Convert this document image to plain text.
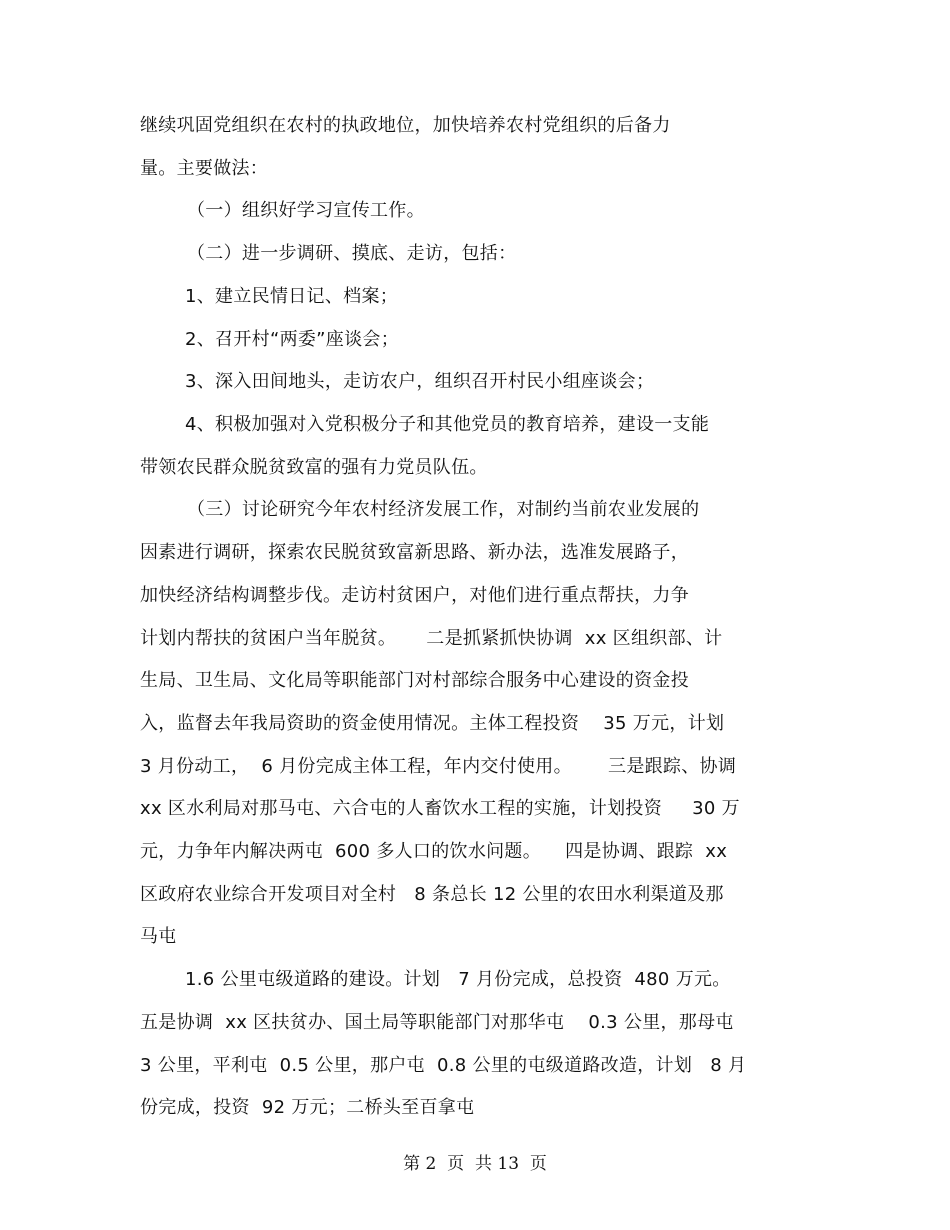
继续巩固党组织在农村的执政地位，加快培养农村党组织的后备力
量。主要做法：
（一）组织好学习宣传工作。
（二）进一步调研、摸底、走访，包括：
1、建立民情日记、档案；
2、召开村“两委”座谈会；
3、深入田间地头，走访农户，组织召开村民小组座谈会；
4、积极加强对入党积极分子和其他党员的教育培养，建设一支能
带领农民群众脱贫致富的强有力党员队伍。
（三）讨论研究今年农村经济发展工作，对制约当前农业发展的
因素进行调研，探索农民脱贫致富新思路、新办法，选准发展路子，
加快经济结构调整步伐。走访村贫困户，对他们进行重点帮扶，力争
计划内帮扶的贫困户当年脱贫。     二是抓紧抓快协调  xx 区组织部、计
生局、卫生局、文化局等职能部门对村部综合服务中心建设的资金投
入，监督去年我局资助的资金使用情况。主体工程投资    35 万元，计划
3 月份动工，  6 月份完成主体工程，年内交付使用。      三是跟踪、协调
xx 区水利局对那马屯、六合屯的人畜饮水工程的实施，计划投资     30 万
元，力争年内解决两屯  600 多人口的饮水问题。    四是协调、跟踪  xx
区政府农业综合开发项目对全村   8 条总长 12 公里的农田水利渠道及那
马屯
1.6 公里屯级道路的建设。计划   7 月份完成，总投资  480 万元。
五是协调  xx 区扶贫办、国土局等职能部门对那华屯    0.3 公里，那母屯
3 公里，平利屯  0.5 公里，那户屯  0.8 公里的屯级道路改造，计划   8 月
份完成，投资  92 万元；二桥头至百拿屯
第 2  页  共 13  页
